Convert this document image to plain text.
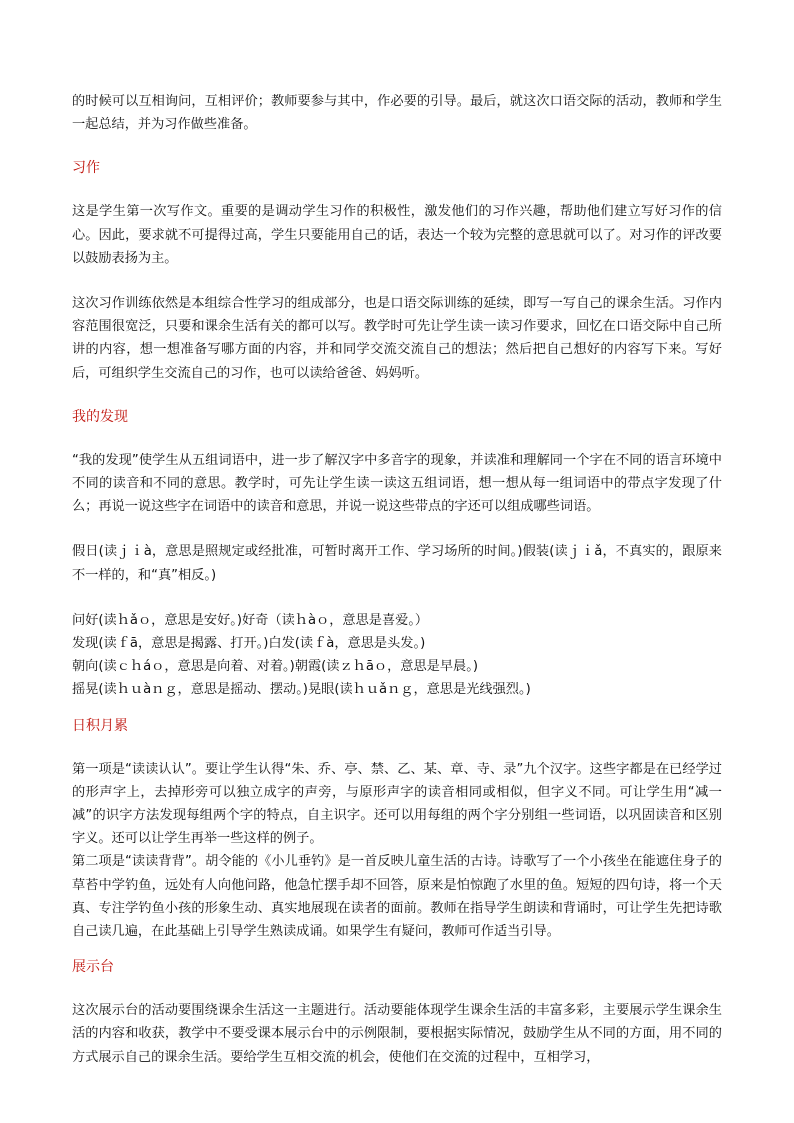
的时候可以互相询问，互相评价；教师要参与其中，作必要的引导。最后，就这次口语交际的活动，教师和学生一起总结，并为习作做些准备。

习作

这是学生第一次写作文。重要的是调动学生习作的积极性，激发他们的习作兴趣，帮助他们建立写好习作的信心。因此，要求就不可提得过高，学生只要能用自己的话，表达一个较为完整的意思就可以了。对习作的评改要以鼓励表扬为主。

这次习作训练依然是本组综合性学习的组成部分，也是口语交际训练的延续，即写一写自己的课余生活。习作内容范围很宽泛，只要和课余生活有关的都可以写。教学时可先让学生读一读习作要求，回忆在口语交际中自己所讲的内容，想一想准备写哪方面的内容，并和同学交流交流自己的想法；然后把自己想好的内容写下来。写好后，可组织学生交流自己的习作，也可以读给爸爸、妈妈听。

我的发现

“我的发现”使学生从五组词语中，进一步了解汉字中多音字的现象，并读准和理解同一个字在不同的语言环境中不同的读音和不同的意思。教学时，可先让学生读一读这五组词语，想一想从每一组词语中的带点字发现了什么；再说一说这些字在词语中的读音和意思，并说一说这些带点的字还可以组成哪些词语。

假日(读ｊｉà，意思是照规定或经批准，可暂时离开工作、学习场所的时间。)假装(读ｊｉǎ，不真实的，跟原来不一样的，和“真”相反。)

问好(读ｈǎｏ，意思是安好。)好奇（读ｈàｏ，意思是喜爱。）

发现(读ｆā，意思是揭露、打开。)白发(读ｆà，意思是头发。)

朝向(读ｃｈáｏ，意思是向着、对着。)朝霞(读ｚｈāｏ，意思是早晨。)

摇晃(读ｈｕàｎｇ，意思是摇动、摆动。)晃眼(读ｈｕǎｎｇ，意思是光线强烈。)

日积月累

第一项是“读读认认”。要让学生认得“朱、乔、亭、禁、乙、某、章、寺、录”九个汉字。这些字都是在已经学过的形声字上，去掉形旁可以独立成字的声旁，与原形声字的读音相同或相似，但字义不同。可让学生用“减一减”的识字方法发现每组两个字的特点，自主识字。还可以用每组的两个字分别组一些词语，以巩固读音和区别字义。还可以让学生再举一些这样的例子。

第二项是“读读背背”。胡令能的《小儿垂钓》是一首反映儿童生活的古诗。诗歌写了一个小孩坐在能遮住身子的草苔中学钓鱼，远处有人向他问路，他急忙摆手却不回答，原来是怕惊跑了水里的鱼。短短的四句诗，将一个天真、专注学钓鱼小孩的形象生动、真实地展现在读者的面前。教师在指导学生朗读和背诵时，可让学生先把诗歌自己读几遍，在此基础上引导学生熟读成诵。如果学生有疑问，教师可作适当引导。

展示台

这次展示台的活动要围绕课余生活这一主题进行。活动要能体现学生课余生活的丰富多彩，主要展示学生课余生活的内容和收获，教学中不要受课本展示台中的示例限制，要根据实际情况，鼓励学生从不同的方面，用不同的方式展示自己的课余生活。要给学生互相交流的机会，使他们在交流的过程中，互相学习，
